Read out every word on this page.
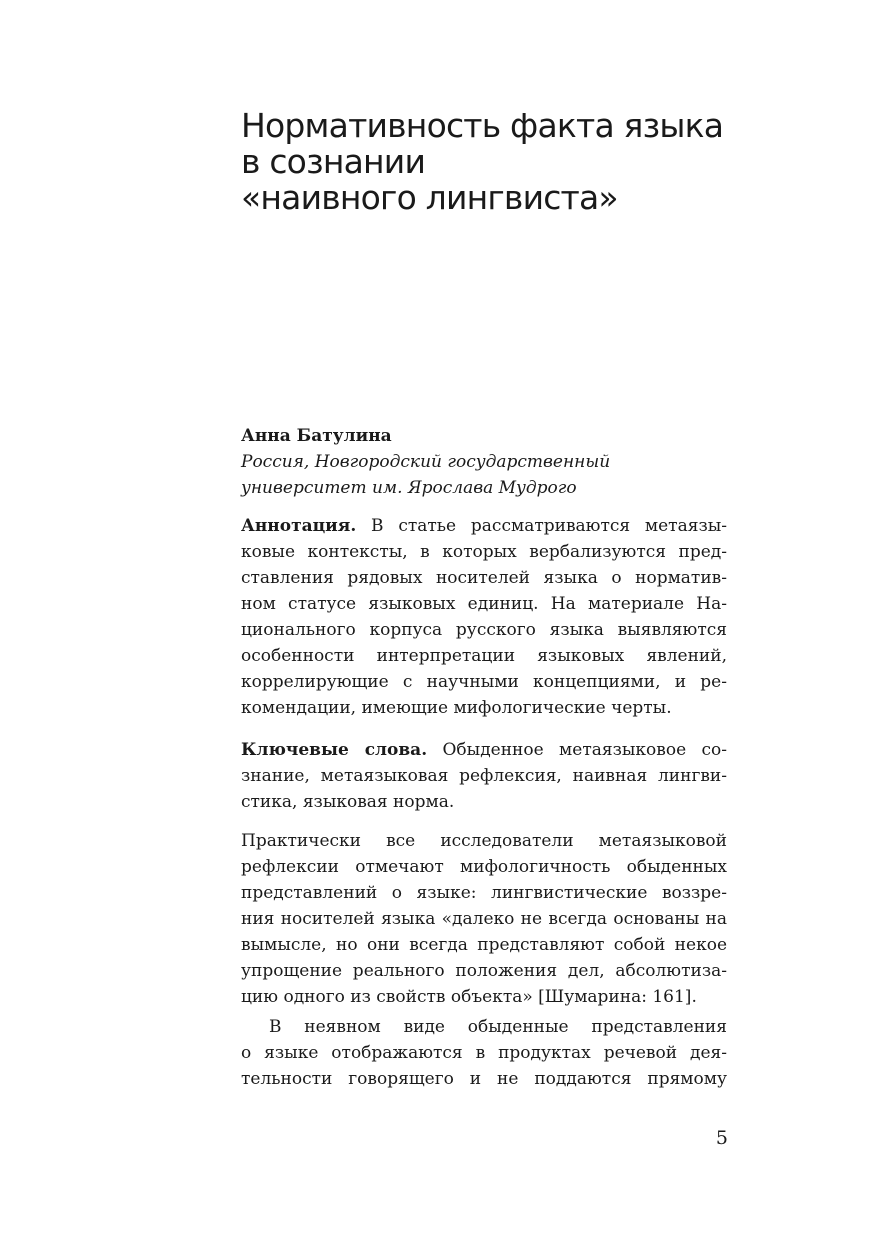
Нормативность факта языка
в сознании
«наивного лингвиста»
Анна Батулина
Россия, Новгородский государственный
университет им. Ярослава Мудрого
Аннотация. В статье рассматриваются метаязы-
ковые контексты, в которых вербализуются пред-
ставления рядовых носителей языка о норматив-
ном статусе языковых единиц. На материале На-
ционального корпуса русского языка выявляются
особенности интерпретации языковых явлений,
коррелирующие с научными концепциями, и ре-
комендации, имеющие мифологические черты.
Ключевые слова. Обыденное метаязыковое со-
знание, метаязыковая рефлексия, наивная лингви-
стика, языковая норма.
Практически все исследователи метаязыковой
рефлексии отмечают мифологичность обыденных
представлений о языке: лингвистические воззре-
ния носителей языка «далеко не всегда основаны на
вымысле, но они всегда представляют собой некое
упрощение реального положения дел, абсолютиза-
цию одного из свойств объекта» [Шумарина: 161].
В неявном виде обыденные представления
о языке отображаются в продуктах речевой дея-
тельности говорящего и не поддаются прямому
5
